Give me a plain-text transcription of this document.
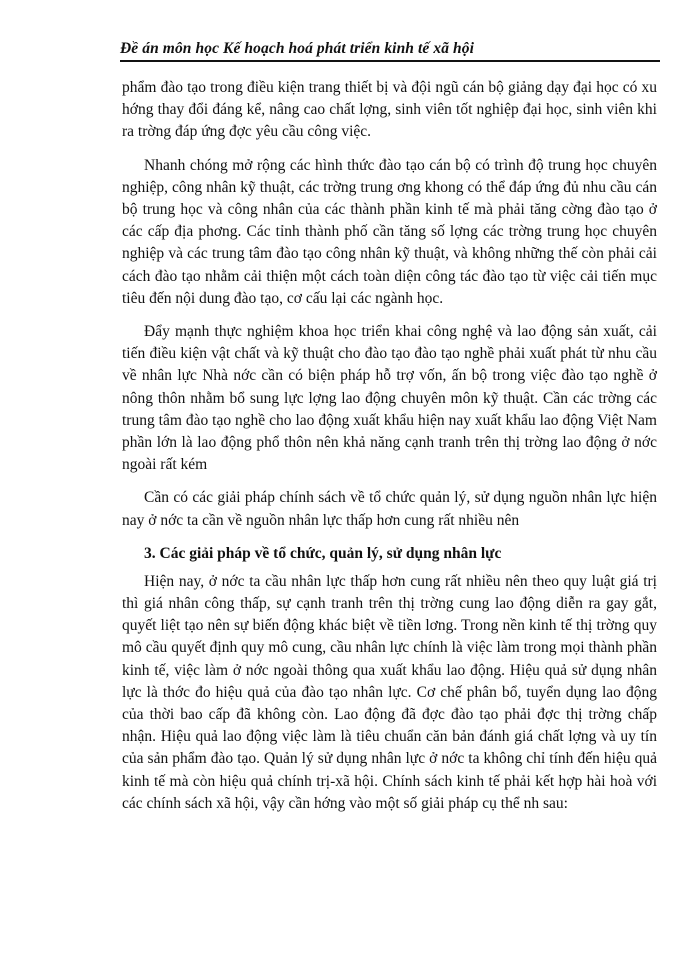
Đề án môn học Kế hoạch hoá phát triển kinh tế xã hội

phẩm đào tạo trong điều kiện trang thiết bị và đội ngũ cán bộ giảng dạy đại học có xu hớng thay đổi đáng kể, nâng cao chất lợng, sinh viên tốt nghiệp đại học, sinh viên khi ra trờng đáp ứng đợc yêu cầu công việc.

Nhanh chóng mở rộng các hình thức đào tạo cán bộ có trình độ trung học chuyên nghiệp, công nhân kỹ thuật, các trờng trung ơng khong có thể đáp ứng đủ nhu cầu cán bộ trung học và công nhân của các thành phần kinh tế mà phải tăng cờng đào tạo ở các cấp địa phơng. Các tỉnh thành phố cần tăng số lợng các trờng trung học chuyên nghiệp và các trung tâm đào tạo công nhân kỹ thuật, và không những thế còn phải cải cách đào tạo nhằm cải thiện một cách toàn diện công tác đào tạo từ việc cải tiến mục tiêu đến nội dung đào tạo, cơ cấu lại các ngành học.

Đẩy mạnh thực nghiệm khoa học triển khai công nghệ và lao động sản xuất, cải tiến điều kiện vật chất và kỹ thuật cho đào tạo đào tạo nghề phải xuất phát từ nhu cầu về nhân lực Nhà nớc cần có biện pháp hỗ trợ vốn, ấn bộ trong việc đào tạo nghề ở nông thôn nhằm bổ sung lực lợng lao động chuyên môn kỹ thuật. Cần các trờng các trung tâm đào tạo nghề cho lao động xuất khẩu hiện nay xuất khẩu lao động Việt Nam phần lớn là lao động phổ thôn nên khả năng cạnh tranh trên thị trờng lao động ở nớc ngoài rất kém

Cần có các giải pháp chính sách về tổ chức quản lý, sử dụng nguồn nhân lực hiện nay ở nớc ta cần về nguồn nhân lực thấp hơn cung rất nhiều nên

3. Các giải pháp về tổ chức, quản lý, sử dụng nhân lực

Hiện nay, ở nớc ta cầu nhân lực thấp hơn cung rất nhiều nên theo quy luật giá trị thì giá nhân công thấp, sự cạnh tranh trên thị trờng cung lao động diễn ra gay gắt, quyết liệt tạo nên sự biến động khác biệt về tiền lơng. Trong nền kinh tế thị trờng quy mô cầu quyết định quy mô cung, cầu nhân lực chính là việc làm trong mọi thành phần kinh tế, việc làm ở nớc ngoài thông qua xuất khẩu lao động. Hiệu quả sử dụng nhân lực là thớc đo hiệu quả của đào tạo nhân lực. Cơ chế phân bổ, tuyển dụng lao động của thời bao cấp đã không còn. Lao động đã đợc đào tạo phải đợc thị trờng chấp nhận. Hiệu quả lao động việc làm là tiêu chuẩn căn bản đánh giá chất lợng và uy tín của sản phẩm đào tạo. Quản lý sử dụng nhân lực ở nớc ta không chỉ tính đến hiệu quả kinh tế mà còn hiệu quả chính trị-xã hội. Chính sách kinh tế phải kết hợp hài hoà với các chính sách xã hội, vậy cần hớng vào một số giải pháp cụ thể nh sau:
